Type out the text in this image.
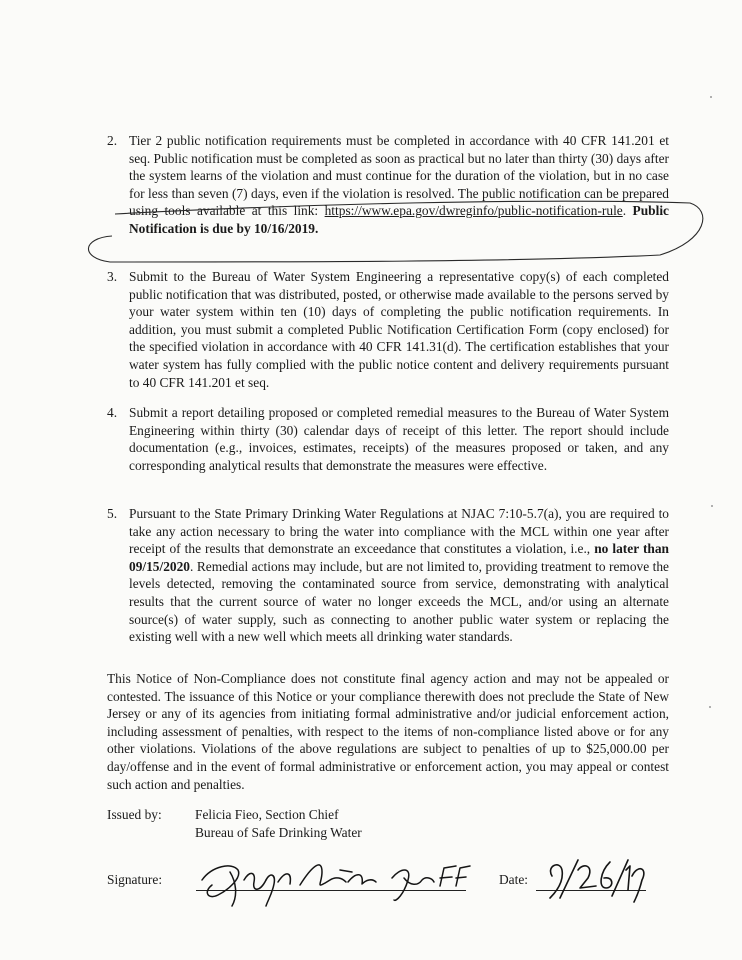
2. Tier 2 public notification requirements must be completed in accordance with 40 CFR 141.201 et seq. Public notification must be completed as soon as practical but no later than thirty (30) days after the system learns of the violation and must continue for the duration of the violation, but in no case for less than seven (7) days, even if the violation is resolved. The public notification can be prepared using tools available at this link: https://www.epa.gov/dwreginfo/public-notification-rule. Public Notification is due by 10/16/2019.
3. Submit to the Bureau of Water System Engineering a representative copy(s) of each completed public notification that was distributed, posted, or otherwise made available to the persons served by your water system within ten (10) days of completing the public notification requirements. In addition, you must submit a completed Public Notification Certification Form (copy enclosed) for the specified violation in accordance with 40 CFR 141.31(d). The certification establishes that your water system has fully complied with the public notice content and delivery requirements pursuant to 40 CFR 141.201 et seq.
4. Submit a report detailing proposed or completed remedial measures to the Bureau of Water System Engineering within thirty (30) calendar days of receipt of this letter. The report should include documentation (e.g., invoices, estimates, receipts) of the measures proposed or taken, and any corresponding analytical results that demonstrate the measures were effective.
5. Pursuant to the State Primary Drinking Water Regulations at NJAC 7:10-5.7(a), you are required to take any action necessary to bring the water into compliance with the MCL within one year after receipt of the results that demonstrate an exceedance that constitutes a violation, i.e., no later than 09/15/2020. Remedial actions may include, but are not limited to, providing treatment to remove the levels detected, removing the contaminated source from service, demonstrating with analytical results that the current source of water no longer exceeds the MCL, and/or using an alternate source(s) of water supply, such as connecting to another public water system or replacing the existing well with a new well which meets all drinking water standards.
This Notice of Non-Compliance does not constitute final agency action and may not be appealed or contested. The issuance of this Notice or your compliance therewith does not preclude the State of New Jersey or any of its agencies from initiating formal administrative and/or judicial enforcement action, including assessment of penalties, with respect to the items of non-compliance listed above or for any other violations. Violations of the above regulations are subject to penalties of up to $25,000.00 per day/offense and in the event of formal administrative or enforcement action, you may appeal or contest such action and penalties.
Issued by: Felicia Fieo, Section Chief
Bureau of Safe Drinking Water
Signature:	Date:
